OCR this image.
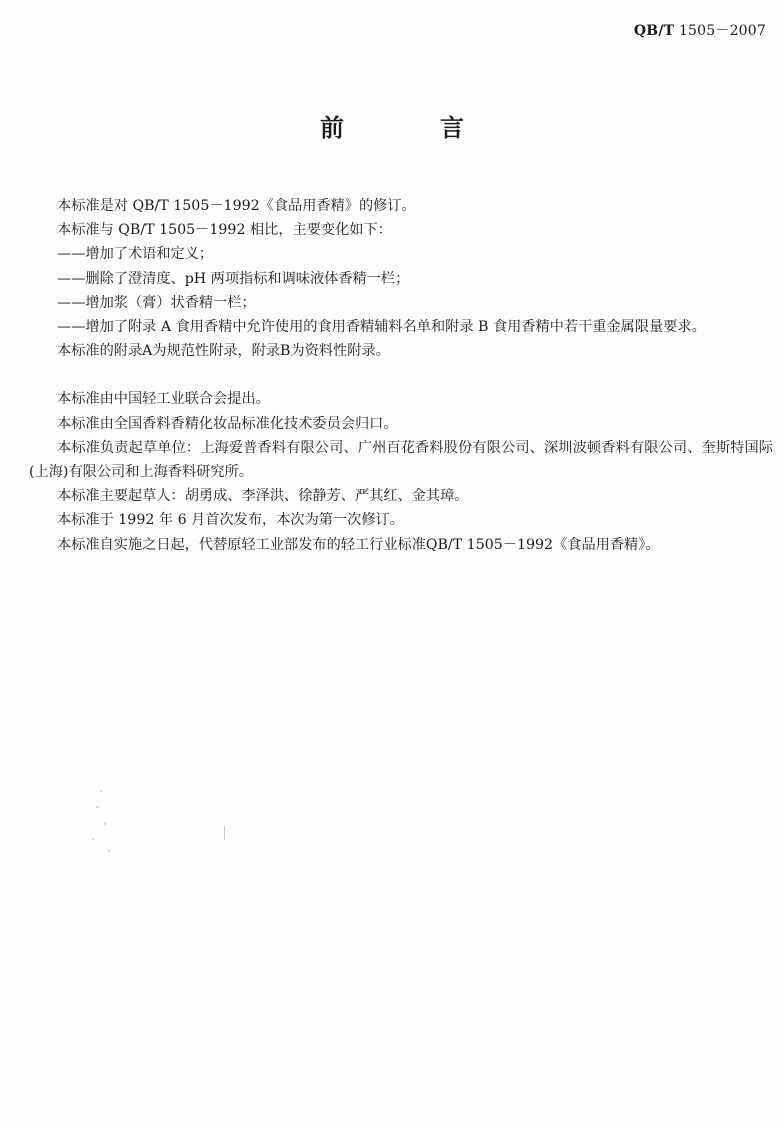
QB/T 1505－2007
前　言

本标准是对 QB/T 1505－1992《食品用香精》的修订。

本标准与 QB/T 1505－1992 相比，主要变化如下：

——增加了术语和定义；

——删除了澄清度、pH 两项指标和调味液体香精一栏；

——增加浆（膏）状香精一栏；

——增加了附录 A 食用香精中允许使用的食用香精辅料名单和附录 B 食用香精中若干重金属限量要求。

本标准的附录A为规范性附录，附录B为资料性附录。

本标准由中国轻工业联合会提出。

本标准由全国香料香精化妆品标准化技术委员会归口。

本标准负责起草单位：上海爱普香料有限公司、广州百花香料股份有限公司、深圳波顿香料有限公司、奎斯特国际(上海)有限公司和上海香料研究所。

本标准主要起草人：胡勇成、李泽洪、徐静芳、严其红、金其璋。

本标准于 1992 年 6 月首次发布，本次为第一次修订。

本标准自实施之日起，代替原轻工业部发布的轻工行业标准QB/T 1505－1992《食品用香精》。
